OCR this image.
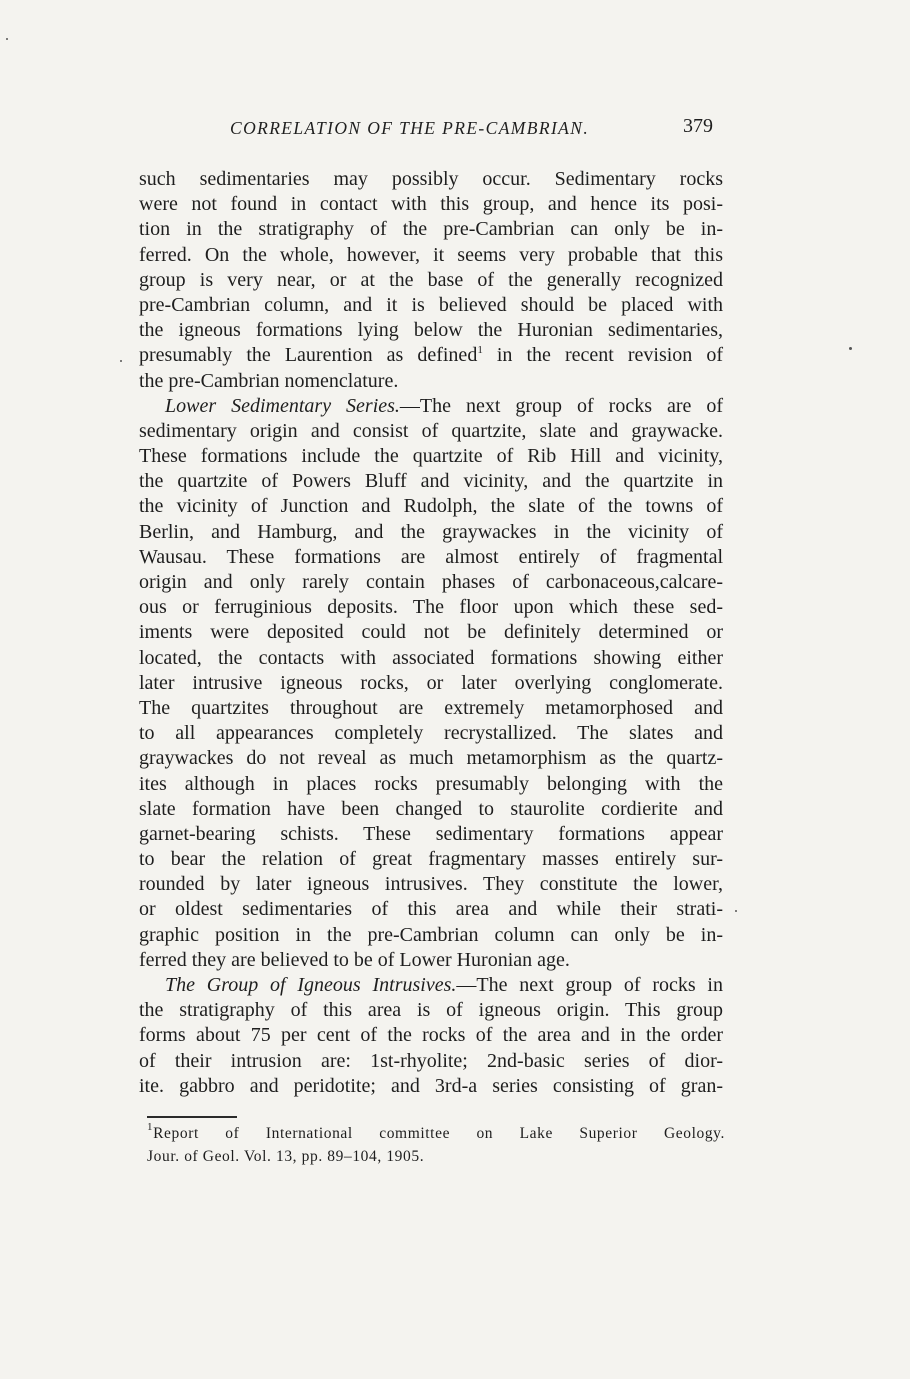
CORRELATION OF THE PRE-CAMBRIAN.	379
such sedimentaries may possibly occur. Sedimentary rocks
were not found in contact with this group, and hence its posi-
tion in the stratigraphy of the pre-Cambrian can only be in-
ferred. On the whole, however, it seems very probable that this
group is very near, or at the base of the generally recognized
pre-Cambrian column, and it is believed should be placed with
the igneous formations lying below the Huronian sedimentaries,
presumably the Laurention as defined$^1$ in the recent revision of
the pre-Cambrian nomenclature.
Lower Sedimentary Series.—The next group of rocks are of
sedimentary origin and consist of quartzite, slate and graywacke.
These formations include the quartzite of Rib Hill and vicinity,
the quartzite of Powers Bluff and vicinity, and the quartzite in
the vicinity of Junction and Rudolph, the slate of the towns of
Berlin, and Hamburg, and the graywackes in the vicinity of
Wausau. These formations are almost entirely of fragmental
origin and only rarely contain phases of carbonaceous,calcare-
ous or ferruginious deposits. The floor upon which these sed-
iments were deposited could not be definitely determined or
located, the contacts with associated formations showing either
later intrusive igneous rocks, or later overlying conglomerate.
The quartzites throughout are extremely metamorphosed and
to all appearances completely recrystallized. The slates and
graywackes do not reveal as much metamorphism as the quartz-
ites although in places rocks presumably belonging with the
slate formation have been changed to staurolite cordierite and
garnet-bearing schists. These sedimentary formations appear
to bear the relation of great fragmentary masses entirely sur-
rounded by later igneous intrusives. They constitute the lower,
or oldest sedimentaries of this area and while their strati-
graphic position in the pre-Cambrian column can only be in-
ferred they are believed to be of Lower Huronian age.
The Group of Igneous Intrusives.—The next group of rocks in
the stratigraphy of this area is of igneous origin. This group
forms about 75 per cent of the rocks of the area and in the order
of their intrusion are: 1st-rhyolite; 2nd-basic series of dior-
ite. gabbro and peridotite; and 3rd-a series consisting of gran-
$^1$Report of International committee on Lake Superior Geology.
Jour. of Geol. Vol. 13, pp. 89–104, 1905.
